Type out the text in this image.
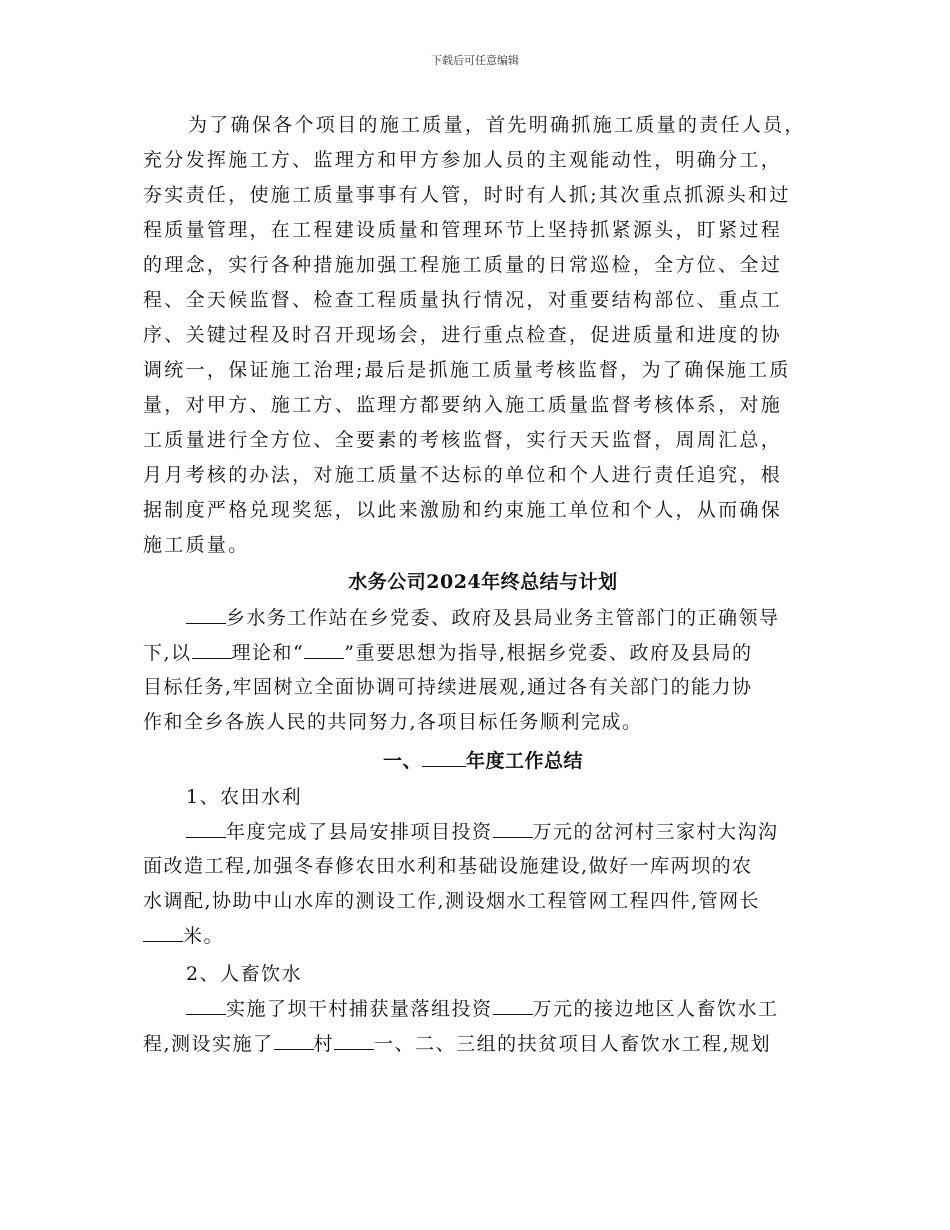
下载后可任意编辑

为了确保各个项目的施工质量，首先明确抓施工质量的责任人员，
充分发挥施工方、监理方和甲方参加人员的主观能动性，明确分工，
夯实责任，使施工质量事事有人管，时时有人抓;其次重点抓源头和过
程质量管理，在工程建设质量和管理环节上坚持抓紧源头，盯紧过程
的理念，实行各种措施加强工程施工质量的日常巡检，全方位、全过
程、全天候监督、检查工程质量执行情况，对重要结构部位、重点工
序、关键过程及时召开现场会，进行重点检查，促进质量和进度的协
调统一，保证施工治理;最后是抓施工质量考核监督，为了确保施工质
量，对甲方、施工方、监理方都要纳入施工质量监督考核体系，对施
工质量进行全方位、全要素的考核监督，实行天天监督，周周汇总，
月月考核的办法，对施工质量不达标的单位和个人进行责任追究，根
据制度严格兑现奖惩，以此来激励和约束施工单位和个人，从而确保
施工质量。

水务公司2024年终总结与计划

乡水务工作站在乡党委、政府及县局业务主管部门的正确领导
下,以 理论和“ ”重要思想为指导,根据乡党委、政府及县局的
目标任务,牢固树立全面协调可持续进展观,通过各有关部门的能力协
作和全乡各族人民的共同努力,各项目标任务顺利完成。

一、 年度工作总结

1、农田水利
年度完成了县局安排项目投资 万元的岔河村三家村大沟沟
面改造工程,加强冬春修农田水利和基础设施建设,做好一库两坝的农
水调配,协助中山水库的测设工作,测设烟水工程管网工程四件,管网长
米。

2、人畜饮水
实施了坝干村捕获量落组投资 万元的接边地区人畜饮水工
程,测设实施了 村 一、二、三组的扶贫项目人畜饮水工程,规划
